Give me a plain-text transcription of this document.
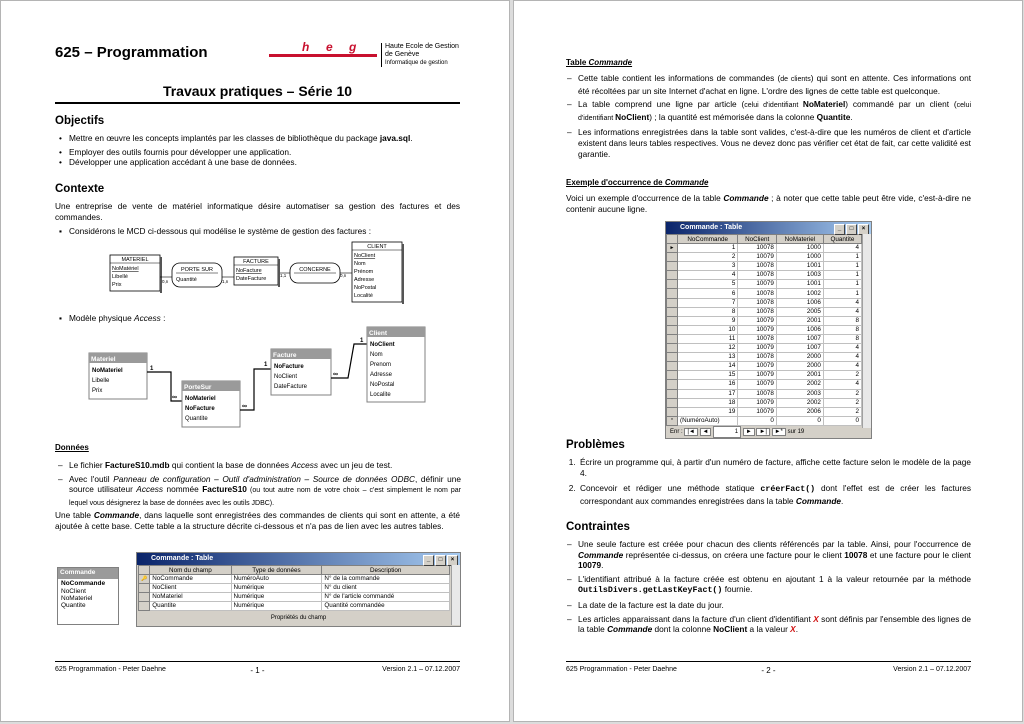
625 – Programmation	h e g	Haute Ecole de Gestion
de Genève
Informatique de gestion
Travaux pratiques – Série 10
Objectifs
• Mettre en œuvre les concepts implantés par les classes de bibliothèque du package java.sql.
• Employer des outils fournis pour développer une application.
• Développer une application accédant à une base de données.
Contexte
Une entreprise de vente de matériel informatique désire automatiser sa gestion des factures et des commandes.
▪ Considérons le MCD ci-dessous qui modélise le système de gestion des factures :
MATERIEL
NoMatériel
Libellé
Prix
0,n
PORTE SUR
Quantité	1,n
FACTURE
NoFacture
DateFacture
1,1
CONCERNE
0,n
CLIENT
NoClient
Nom
Prénom
Adresse
NoPostal
Localité
▪ Modèle physique Access :
Materiel
NoMateriel
Libelle
Prix
1
∞
PorteSur
NoMateriel
NoFacture
Quantite
∞
1
Facture
NoFacture
NoClient
DateFacture
∞
1
Client
NoClient
Nom
Prenom
Adresse
NoPostal
Localite
Données
– Le fichier FactureS10.mdb qui contient la base de données Access avec un jeu de test.
– Avec l'outil Panneau de configuration – Outil d'administration – Source de données ODBC, définir une source utilisateur Access nommée FactureS10 (ou tout autre nom de votre choix – c'est simplement le nom par lequel vous désignerez la base de données avec les outils JDBC).
Une table Commande, dans laquelle sont enregistrées des commandes de clients qui sont en attente, a été ajoutée à cette base. Cette table a la structure décrite ci-dessous et n'a pas de lien avec les autres tables.
Commande
NoCommande
NoClient
NoMateriel
Quantite
Commande : Table	_ □ ×
	Nom du champ	Type de données	Description
🔑	NoCommande	NuméroAuto	N° de la commande
	NoClient	Numérique	N° du client
	NoMateriel	Numérique	N° de l'article commandé
	Quantite	Numérique	Quantité commandée
Propriétés du champ
625 Programmation - Peter Daehne	- 1 -	Version 2.1 – 07.12.2007
Table Commande
– Cette table contient les informations de commandes (de clients) qui sont en attente. Ces informations ont été récoltées par un site Internet d'achat en ligne. L'ordre des lignes de cette table est quelconque.
– La table comprend une ligne par article (celui d'identifiant NoMateriel) commandé par un client (celui d'identifiant NoClient) ; la quantité est mémorisée dans la colonne Quantite.
– Les informations enregistrées dans la table sont valides, c'est-à-dire que les numéros de client et d'article existent dans leurs tables respectives. Vous ne devez donc pas vérifier cet état de fait, car cette validité est garantie.
Exemple d'occurrence de Commande
Voici un exemple d'occurrence de la table Commande ; à noter que cette table peut être vide, c'est-à-dire ne contenir aucune ligne.
Commande : Table	_ □ ×
	NoCommande	NoClient	NoMateriel	Quantite
►	1	10078	1000	4
	2	10079	1000	1
	3	10078	1001	1
	4	10078	1003	1
	5	10079	1001	1
	6	10078	1002	1
	7	10078	1006	4
	8	10078	2005	4
	9	10079	2001	8
	10	10079	1006	8
	11	10078	1007	8
	12	10079	1007	4
	13	10078	2000	4
	14	10079	2000	4
	15	10079	2001	2
	16	10079	2002	4
	17	10078	2003	2
	18	10079	2002	2
	19	10079	2006	2
*	(NuméroAuto)	0	0	0
Enr : |◄ ◄	1 ► ►| ►* sur 19
Problèmes
1. Écrire un programme qui, à partir d'un numéro de facture, affiche cette facture selon le modèle de la page 4.
2. Concevoir et rédiger une méthode statique créerFact() dont l'effet est de créer les factures correspondant aux commandes enregistrées dans la table Commande.
Contraintes
– Une seule facture est créée pour chacun des clients référencés par la table. Ainsi, pour l'occurrence de Commande représentée ci-dessus, on créera une facture pour le client 10078 et une facture pour le client 10079.
– L'identifiant attribué à la facture créée est obtenu en ajoutant 1 à la valeur retournée par la méthode OutilsDivers.getLastKeyFact() fournie.
– La date de la facture est la date du jour.
– Les articles apparaissant dans la facture d'un client d'identifiant X sont définis par l'ensemble des lignes de la table Commande dont la colonne NoClient a la valeur X.
625 Programmation - Peter Daehne	- 2 -	Version 2.1 – 07.12.2007
